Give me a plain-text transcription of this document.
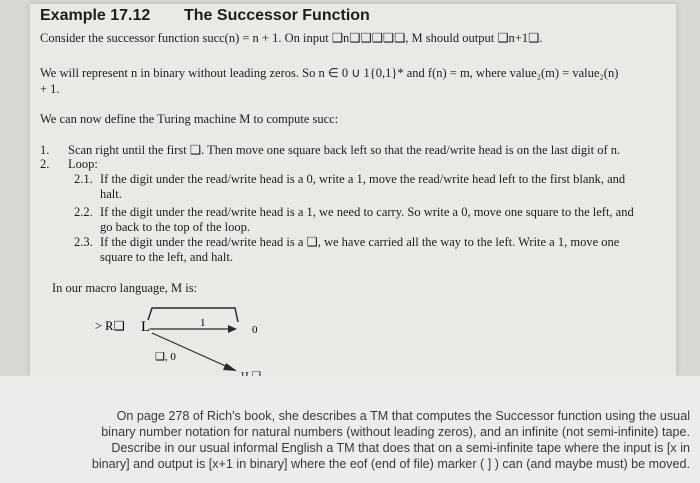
Example 17.12 The Successor Function
Consider the successor function succ(n) = n + 1. On input ❑n❑❑❑❑❑, M should output ❑n+1❑.
We will represent n in binary without leading zeros. So n ∈ 0 ∪ 1{0,1}* and f(n) = m, where value₂(m) = value₂(n)
+ 1.
We can now define the Turing machine M to compute succ:
1. Scan right until the first ❑. Then move one square back left so that the read/write head is on the last digit of n.
2. Loop:
2.1. If the digit under the read/write head is a 0, write a 1, move the read/write head left to the first blank, and
halt.
2.2. If the digit under the read/write head is a 1, we need to carry. So write a 0, move one square to the left, and
go back to the top of the loop.
2.3. If the digit under the read/write head is a ❑, we have carried all the way to the left. Write a 1, move one
square to the left, and halt.
In our macro language, M is:
> R❑ L	1
0
❑, 0
On page 278 of Rich's book, she describes a TM that computes the Successor function using the usual
binary number notation for natural numbers (without leading zeros), and an infinite (not semi-infinite) tape.
Describe in our usual informal English a TM that does that on a semi-infinite tape where the input is [x in
binary] and output is [x+1 in binary] where the eof (end of file) marker ( ] ) can (and maybe must) be moved.
